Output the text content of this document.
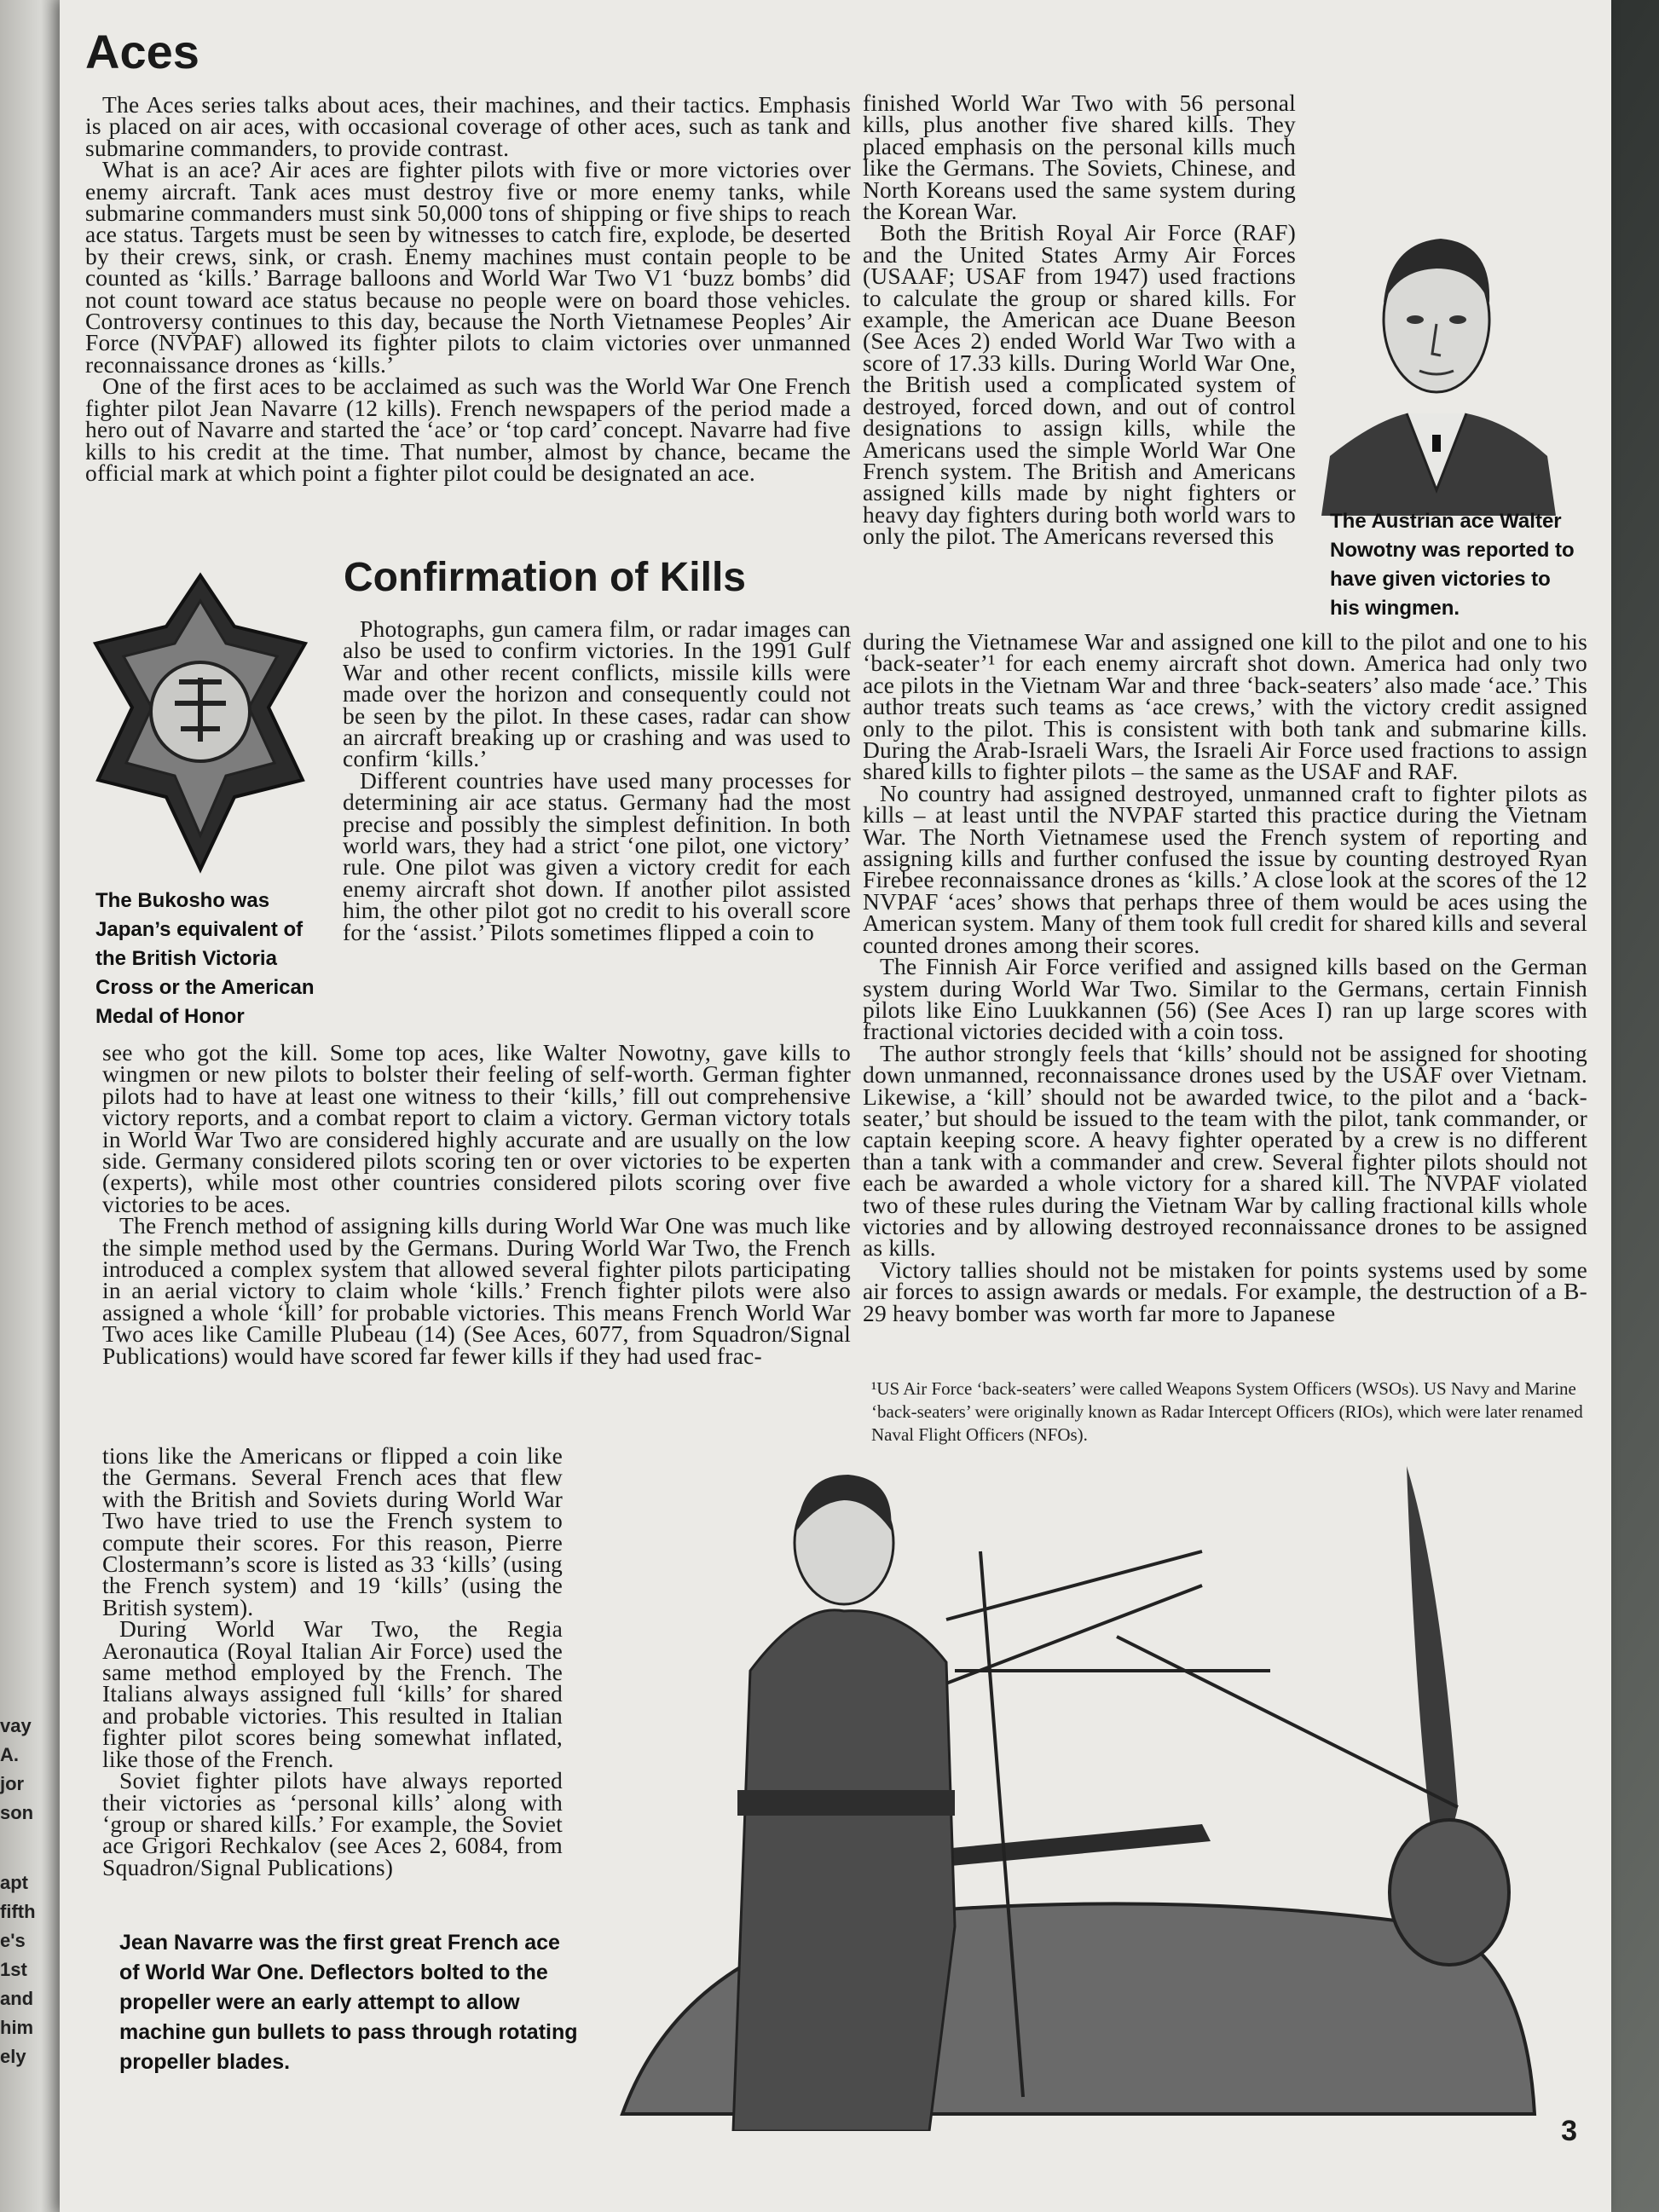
vay
A.
jor
son
apt
fifth
e's
1st
and
him
ely
Aces

The Aces series talks about aces, their machines, and their tactics. Emphasis is placed on air aces, with occasional coverage of other aces, such as tank and submarine commanders, to provide contrast.

What is an ace? Air aces are fighter pilots with five or more victories over enemy aircraft. Tank aces must destroy five or more enemy tanks, while submarine commanders must sink 50,000 tons of shipping or five ships to reach ace status. Targets must be seen by witnesses to catch fire, explode, be deserted by their crews, sink, or crash. Enemy machines must contain people to be counted as ‘kills.’ Barrage balloons and World War Two V1 ‘buzz bombs’ did not count toward ace status because no people were on board those vehicles. Controversy continues to this day, because the North Vietnamese Peoples’ Air Force (NVPAF) allowed its fighter pilots to claim victories over unmanned reconnaissance drones as ‘kills.’

One of the first aces to be acclaimed as such was the World War One French fighter pilot Jean Navarre (12 kills). French newspapers of the period made a hero out of Navarre and started the ‘ace’ or ‘top card’ concept. Navarre had five kills to his credit at the time. That number, almost by chance, became the official mark at which point a fighter pilot could be designated an ace.

Confirmation of Kills
The Bukosho was Japan’s equivalent of the British Victoria Cross or the American Medal of Honor

Photographs, gun camera film, or radar images can also be used to confirm victories. In the 1991 Gulf War and other recent conflicts, missile kills were made over the horizon and consequently could not be seen by the pilot. In these cases, radar can show an aircraft breaking up or crashing and was used to confirm ‘kills.’

Different countries have used many processes for determining air ace status. Germany had the most precise and possibly the simplest definition. In both world wars, they had a strict ‘one pilot, one victory’ rule. One pilot was given a victory credit for each enemy aircraft shot down. If another pilot assisted him, the other pilot got no credit to his overall score for the ‘assist.’ Pilots sometimes flipped a coin to

see who got the kill. Some top aces, like Walter Nowotny, gave kills to wingmen or new pilots to bolster their feeling of self-worth. German fighter pilots had to have at least one witness to their ‘kills,’ fill out comprehensive victory reports, and a combat report to claim a victory. German victory totals in World War Two are considered highly accurate and are usually on the low side. Germany considered pilots scoring ten or over victories to be experten (experts), while most other countries considered pilots scoring over five victories to be aces.

The French method of assigning kills during World War One was much like the simple method used by the Germans. During World War Two, the French introduced a complex system that allowed several fighter pilots participating in an aerial victory to claim whole ‘kills.’ French fighter pilots were also assigned a whole ‘kill’ for probable victories. This means French World War Two aces like Camille Plubeau (14) (See Aces, 6077, from Squadron/Signal Publications) would have scored far fewer kills if they had used frac-

tions like the Americans or flipped a coin like the Germans. Several French aces that flew with the British and Soviets during World War Two have tried to use the French system to compute their scores. For this reason, Pierre Clostermann’s score is listed as 33 ‘kills’ (using the French system) and 19 ‘kills’ (using the British system).

During World War Two, the Regia Aeronautica (Royal Italian Air Force) used the same method employed by the French. The Italians always assigned full ‘kills’ for shared and probable victories. This resulted in Italian fighter pilot scores being somewhat inflated, like those of the French.

Soviet fighter pilots have always reported their victories as ‘personal kills’ along with ‘group or shared kills.’ For example, the Soviet ace Grigori Rechkalov (see Aces 2, 6084, from Squadron/Signal Publications)

Jean Navarre was the first great French ace of World War One. Deflectors bolted to the propeller were an early attempt to allow machine gun bullets to pass through rotating propeller blades.

finished World War Two with 56 personal kills, plus another five shared kills. They placed emphasis on the personal kills much like the Germans. The Soviets, Chinese, and North Koreans used the same system during the Korean War.

Both the British Royal Air Force (RAF) and the United States Army Air Forces (USAAF; USAF from 1947) used fractions to calculate the group or shared kills. For example, the American ace Duane Beeson (See Aces 2) ended World War Two with a score of 17.33 kills. During World War One, the British used a complicated system of destroyed, forced down, and out of control designations to assign kills, while the Americans used the simple World War One French system. The British and Americans assigned kills made by night fighters or heavy day fighters during both world wars to only the pilot. The Americans reversed this

The Austrian ace Walter Nowotny was reported to have given victories to his wingmen.

during the Vietnamese War and assigned one kill to the pilot and one to his ‘back-seater’¹ for each enemy aircraft shot down. America had only two ace pilots in the Vietnam War and three ‘back-seaters’ also made ‘ace.’ This author treats such teams as ‘ace crews,’ with the victory credit assigned only to the pilot. This is consistent with both tank and submarine kills. During the Arab-Israeli Wars, the Israeli Air Force used fractions to assign shared kills to fighter pilots – the same as the USAF and RAF.

No country had assigned destroyed, unmanned craft to fighter pilots as kills – at least until the NVPAF started this practice during the Vietnam War. The North Vietnamese used the French system of reporting and assigning kills and further confused the issue by counting destroyed Ryan Firebee reconnaissance drones as ‘kills.’ A close look at the scores of the 12 NVPAF ‘aces’ shows that perhaps three of them would be aces using the American system. Many of them took full credit for shared kills and several counted drones among their scores.

The Finnish Air Force verified and assigned kills based on the German system during World War Two. Similar to the Germans, certain Finnish pilots like Eino Luukkannen (56) (See Aces I) ran up large scores with fractional victories decided with a coin toss.

The author strongly feels that ‘kills’ should not be assigned for shooting down unmanned, reconnaissance drones used by the USAF over Vietnam. Likewise, a ‘kill’ should not be awarded twice, to the pilot and a ‘back-seater,’ but should be issued to the team with the pilot, tank commander, or captain keeping score. A heavy fighter operated by a crew is no different than a tank with a commander and crew. Several fighter pilots should not each be awarded a whole victory for a shared kill. The NVPAF violated two of these rules during the Vietnam War by calling fractional kills whole victories and by allowing destroyed reconnaissance drones to be assigned as kills.

Victory tallies should not be mistaken for points systems used by some air forces to assign awards or medals. For example, the destruction of a B-29 heavy bomber was worth far more to Japanese

¹US Air Force ‘back-seaters’ were called Weapons System Officers (WSOs). US Navy and Marine ‘back-seaters’ were originally known as Radar Intercept Officers (RIOs), which were later renamed Naval Flight Officers (NFOs).
3
